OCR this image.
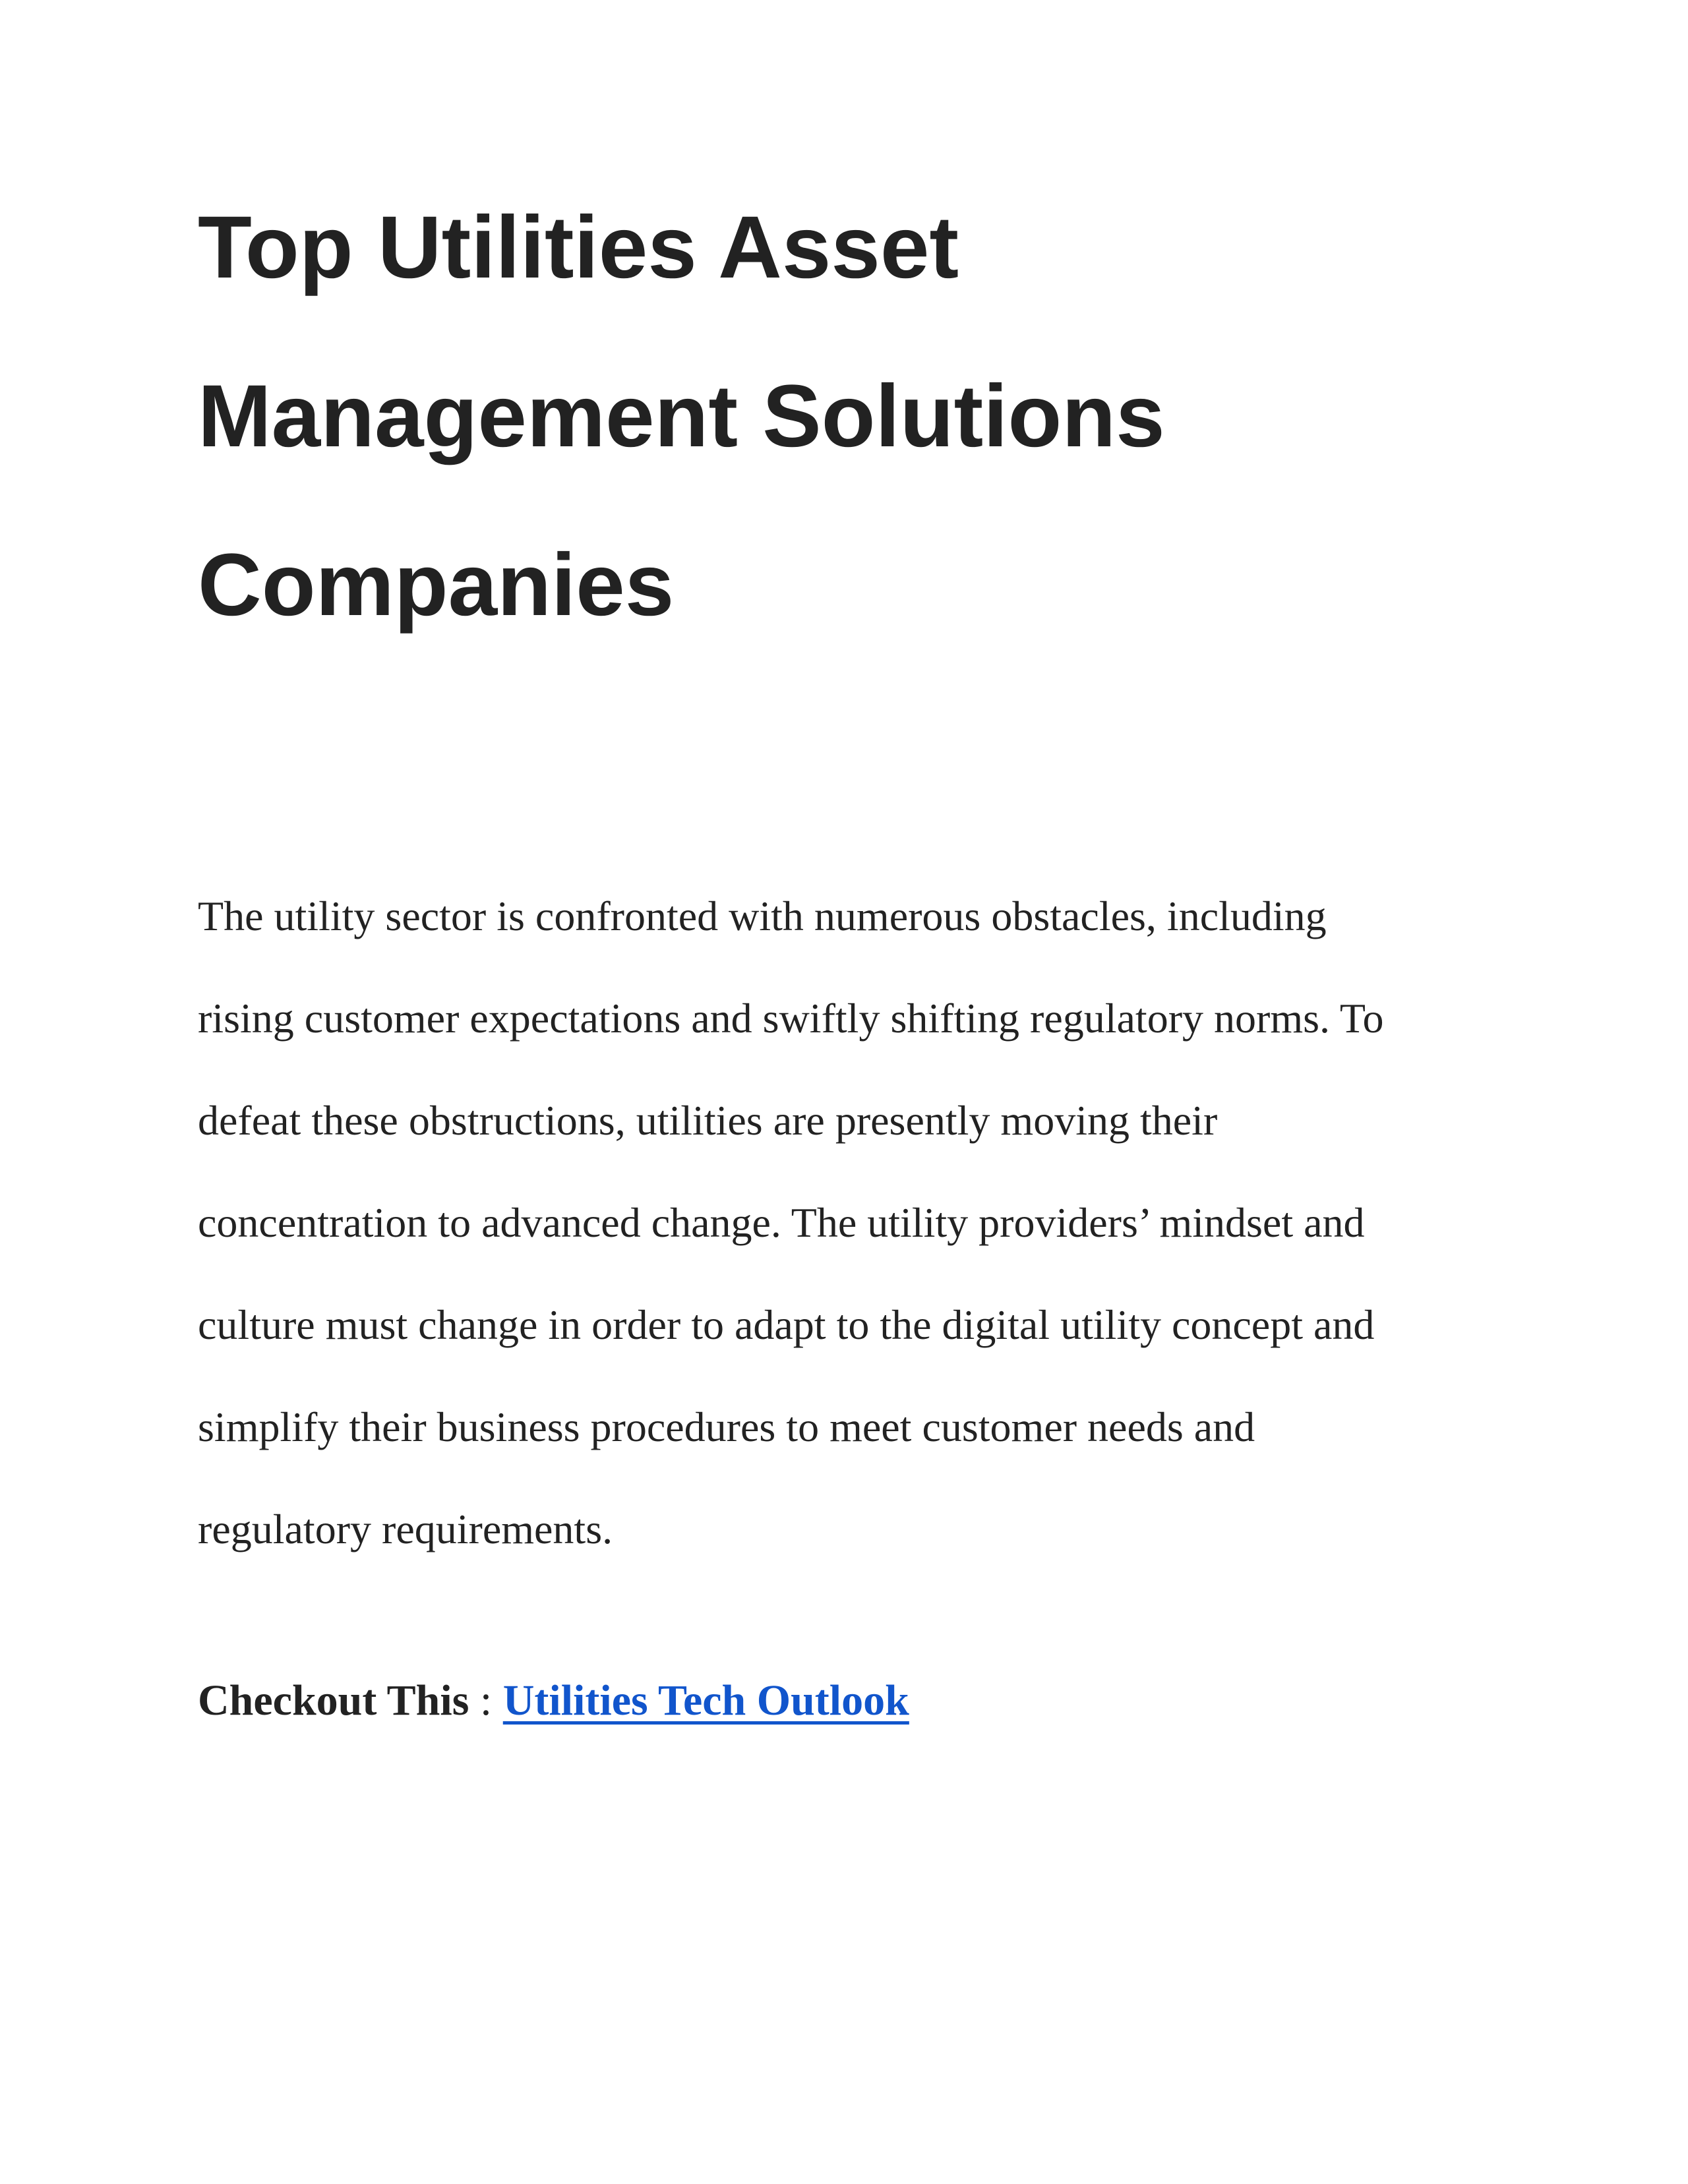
Top Utilities Asset
Management Solutions
Companies

The utility sector is confronted with numerous obstacles, including
rising customer expectations and swiftly shifting regulatory norms. To
defeat these obstructions, utilities are presently moving their
concentration to advanced change. The utility providers’ mindset and
culture must change in order to adapt to the digital utility concept and
simplify their business procedures to meet customer needs and
regulatory requirements.

Checkout This : Utilities Tech Outlook
